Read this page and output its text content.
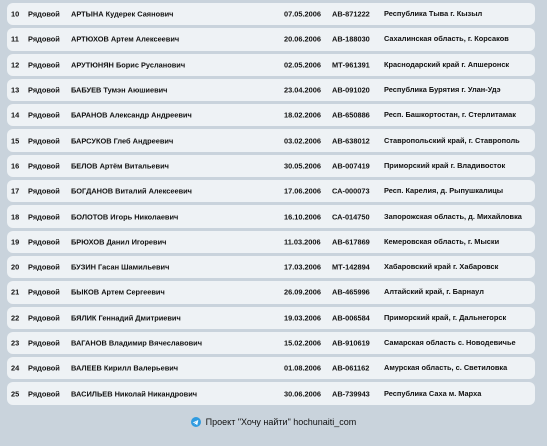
10 Рядовой АРТЫНА Кудерек Саянович	07.05.2006 АВ-871222 Республика Тыва г. Кызыл
11 Рядовой АРТЮХОВ Артем Алексеевич	20.06.2006 АВ-188030 Сахалинская область, г. Корсаков
12 Рядовой АРУТЮНЯН Борис Русланович	02.05.2006 МТ-961391 Краснодарский край г. Апшеронск
13 Рядовой БАБУЕВ Тумэн Аюшиевич	23.04.2006 АВ-091020 Республика Бурятия г. Улан-Удэ
14 Рядовой БАРАНОВ Александр Андреевич	18.02.2006 АВ-650886 Респ. Башкортостан, г. Стерлитамак
15 Рядовой БАРСУКОВ Глеб Андреевич	03.02.2006 АВ-638012 Ставропольский край, г. Ставрополь
16 Рядовой БЕЛОВ Артём Витальевич	30.05.2006 АВ-007419 Приморский край г. Владивосток
17 Рядовой БОГДАНОВ Виталий Алексеевич	17.06.2006 СА-000073 Респ. Карелия, д. Рыпушкалицы
18 Рядовой БОЛОТОВ Игорь Николаевич	16.10.2006 СА-014750 Запорожская область, д. Михайловка
19 Рядовой БРЮХОВ Данил Игоревич	11.03.2006 АВ-617869 Кемеровская область, г. Мыски
20 Рядовой БУЗИН Гасан Шамильевич	17.03.2006 МТ-142894 Хабаровский край г. Хабаровск
21 Рядовой БЫКОВ Артем Сергеевич	26.09.2006 АВ-465996 Алтайский край, г. Барнаул
22 Рядовой БЯЛИК Геннадий Дмитриевич	19.03.2006 АВ-006584 Приморский край, г. Дальнегорск
23 Рядовой ВАГАНОВ Владимир Вячеславович	15.02.2006 АВ-910619 Самарская область с. Новодевичье
24 Рядовой ВАЛЕЕВ Кирилл Валерьевич	01.08.2006 АВ-061162 Амурская область, с. Светиловка
25 Рядовой ВАСИЛЬЕВ Николай Никандрович	30.06.2006 АВ-739943 Республика Саха м. Марха
Проект "Хочу найти" hochunaiti_com
